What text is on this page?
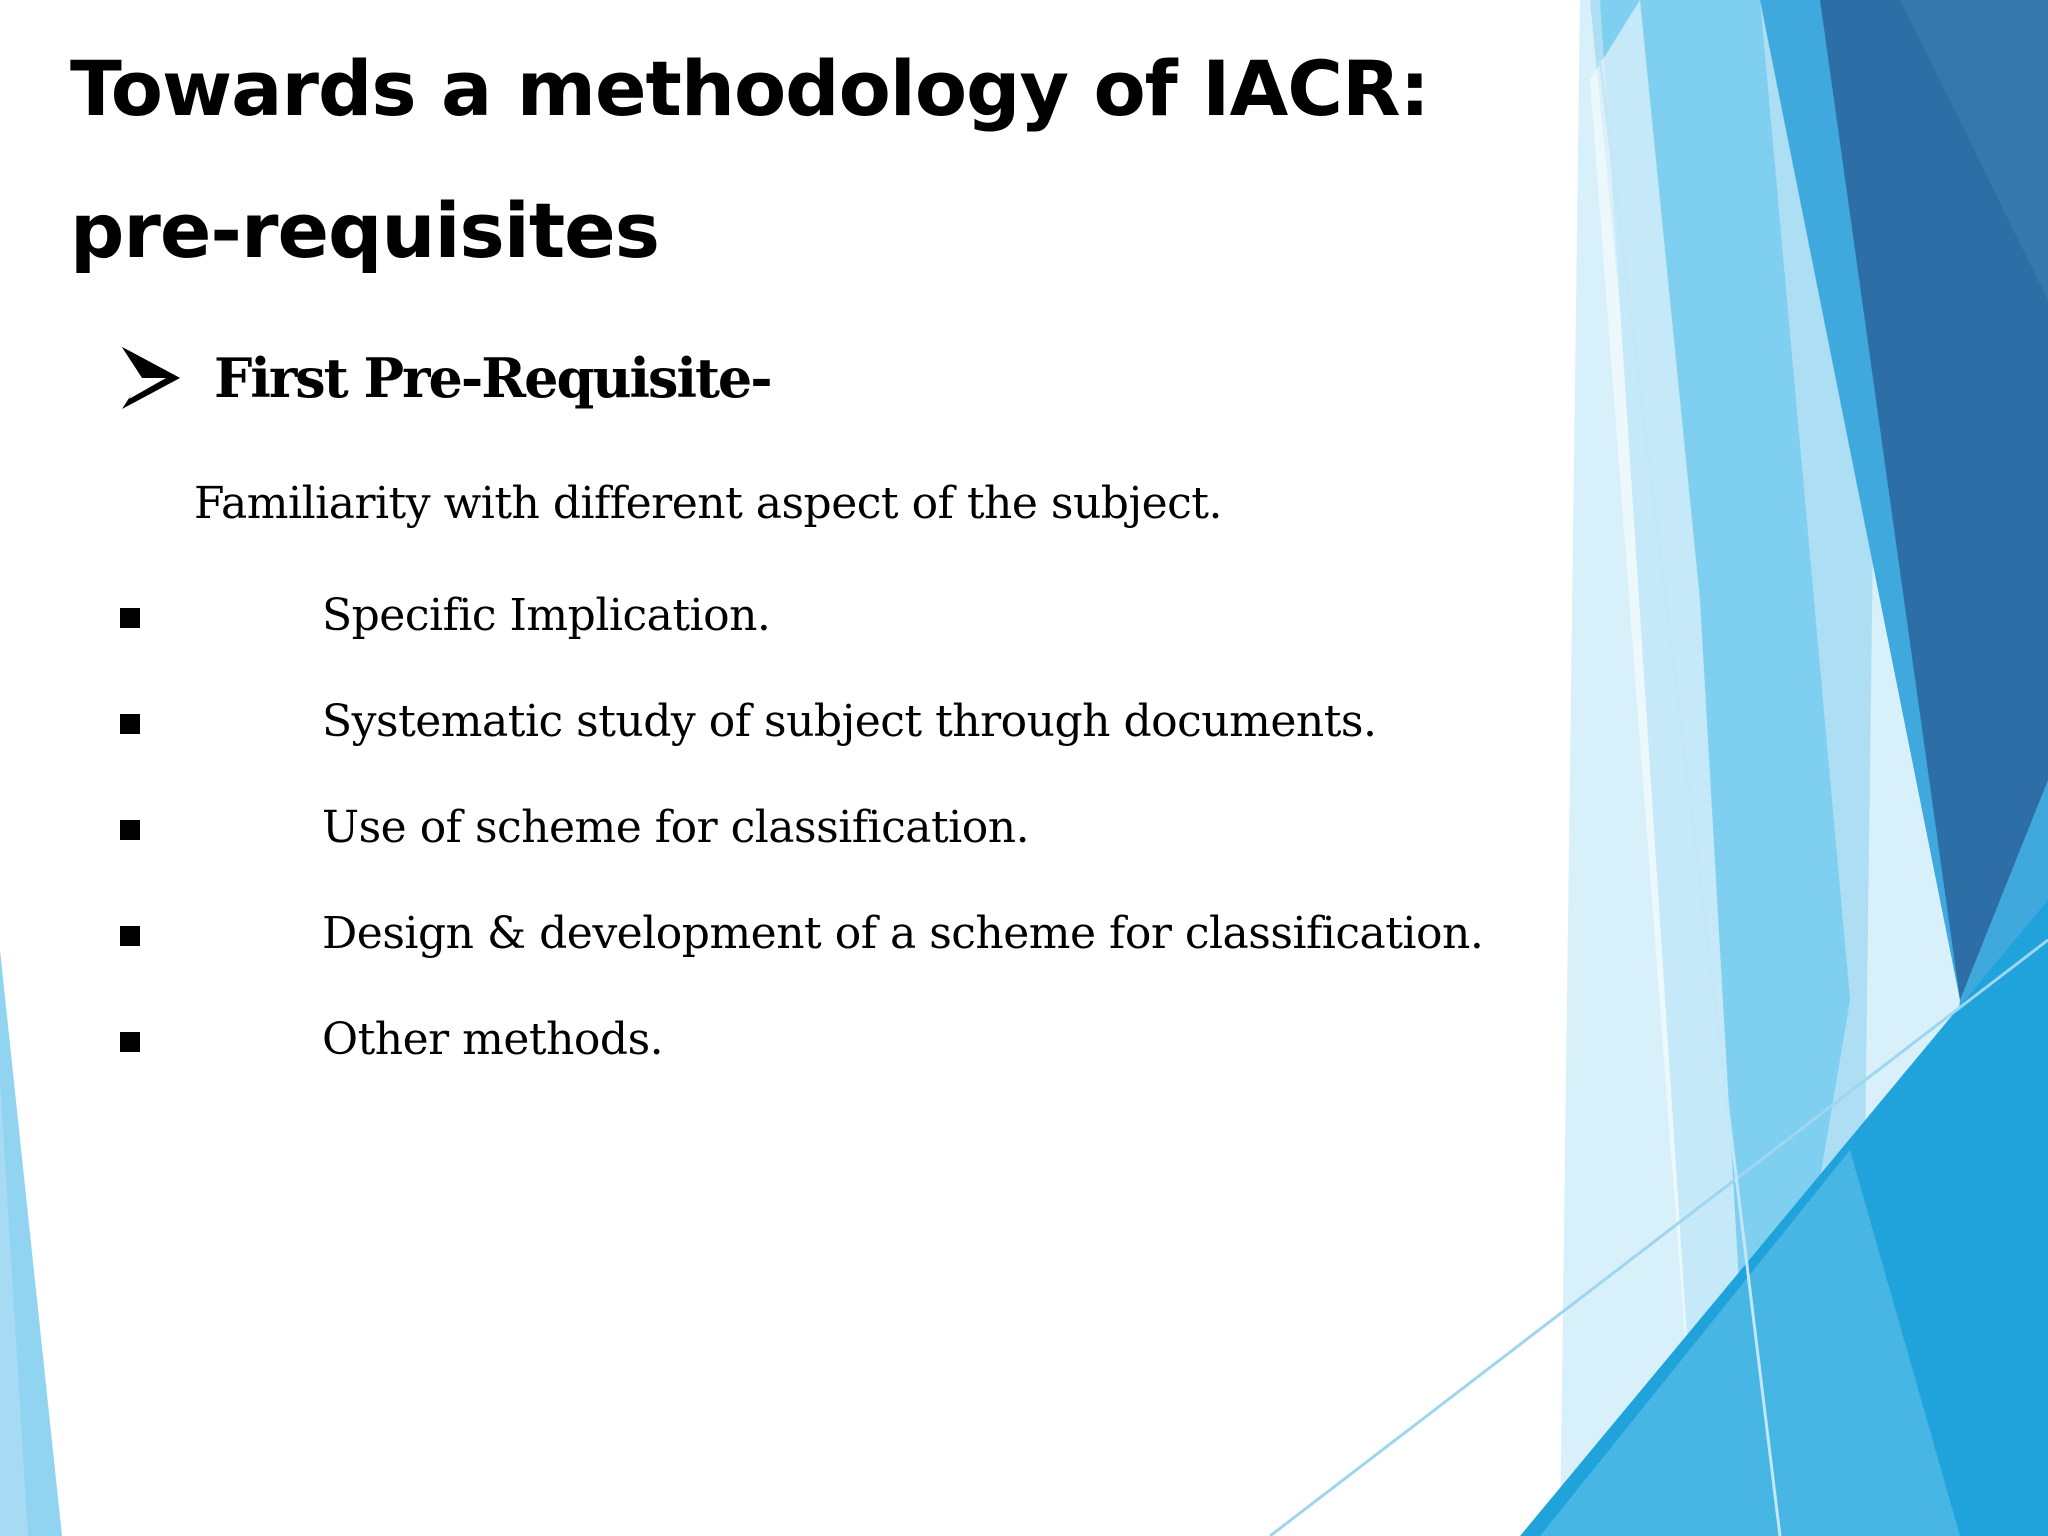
Towards a methodology of IACR:
pre-requisites
First Pre-Requisite-
Familiarity with different aspect of the subject.
Specific Implication.
Systematic study of subject through documents.
Use of scheme for classification.
Design & development of a scheme for classification.
Other methods.
